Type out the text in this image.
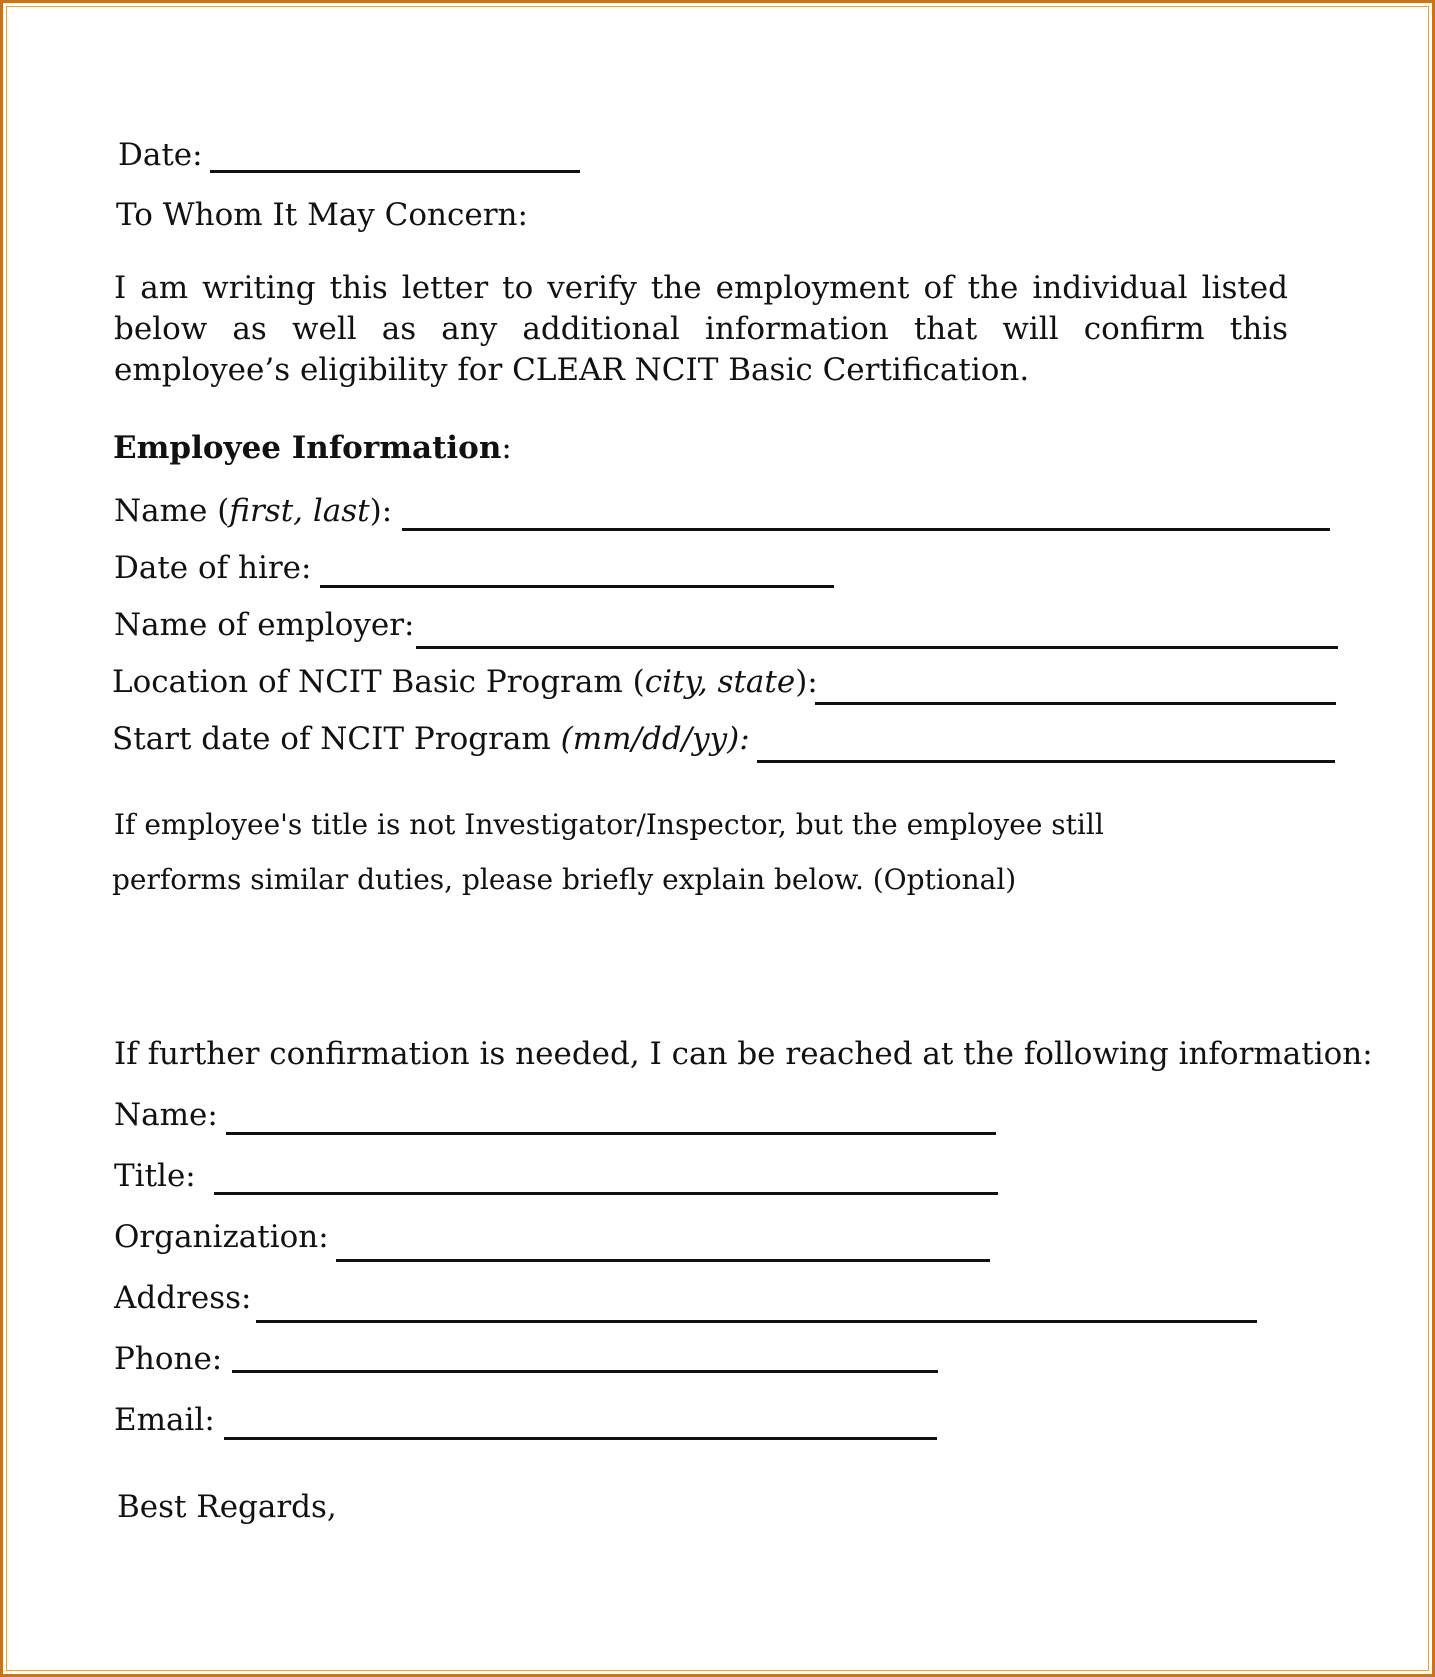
Date:
To Whom It May Concern:
I am writing this letter to verify the employment of the individual listed below as well as any additional information that will confirm this employee’s eligibility for CLEAR NCIT Basic Certification.
Employee Information:
Name (first, last):
Date of hire:
Name of employer:
Location of NCIT Basic Program (city, state):
Start date of NCIT Program (mm/dd/yy):
If employee's title is not Investigator/Inspector, but the employee still
performs similar duties, please briefly explain below. (Optional)
If further confirmation is needed, I can be reached at the following information:
Name:
Title:
Organization:
Address:
Phone:
Email:
Best Regards,
